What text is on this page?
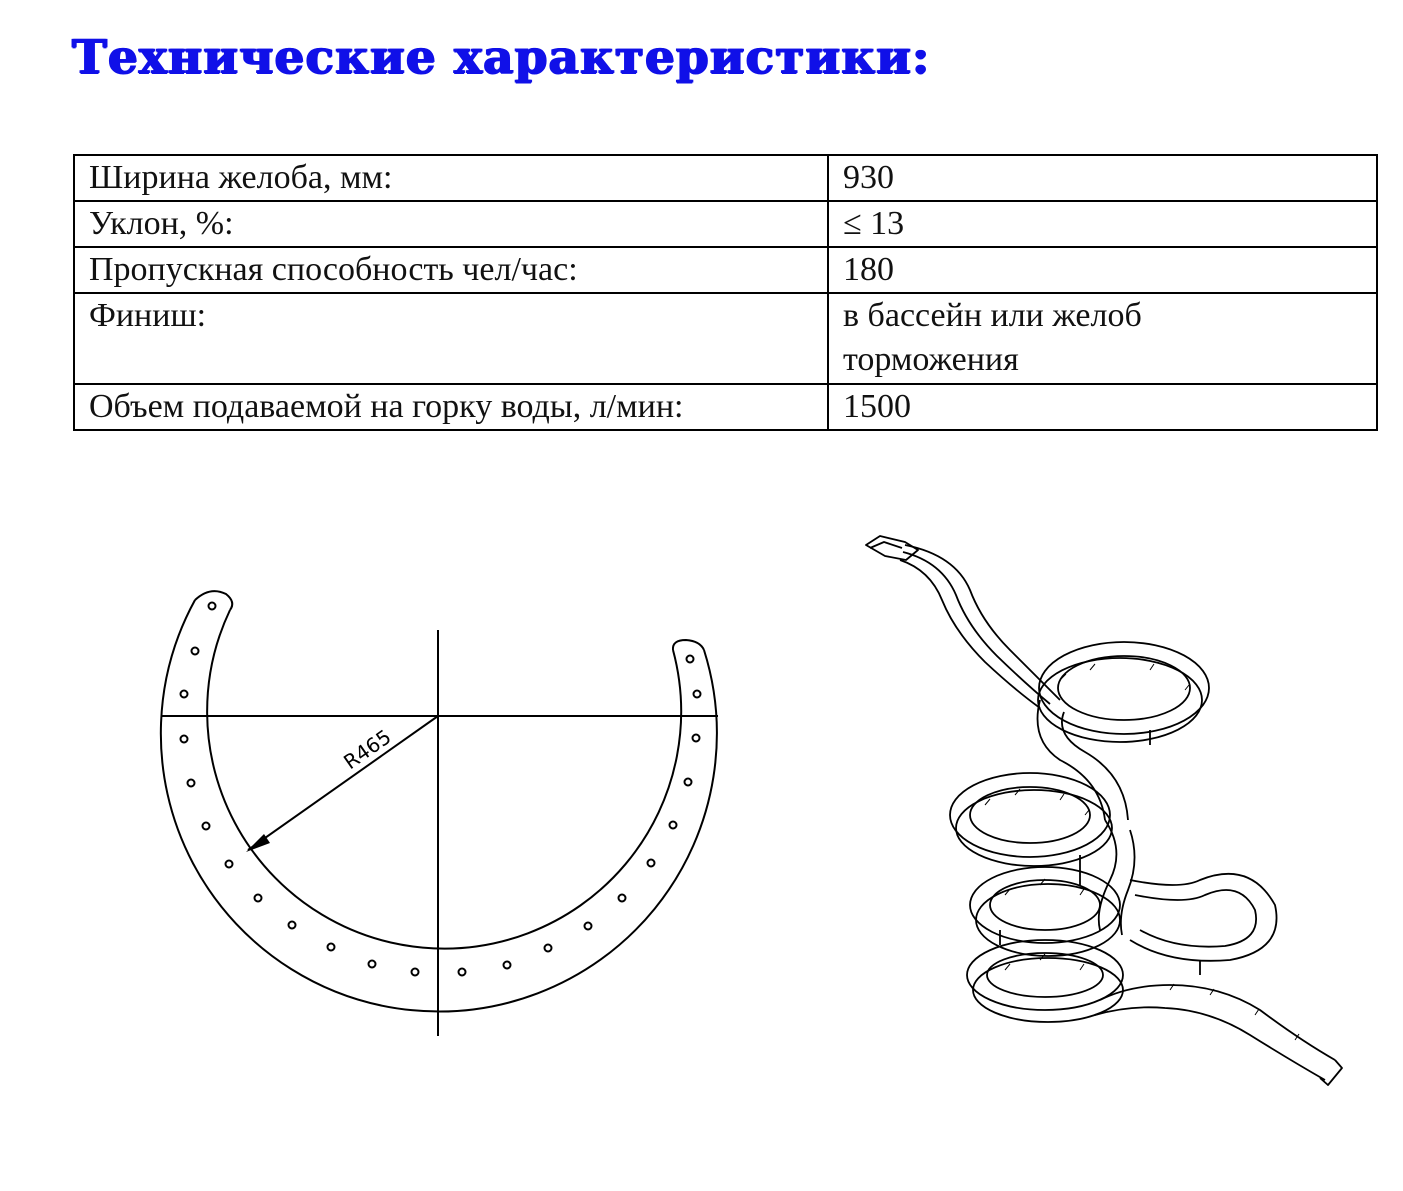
Технические характеристики:
Ширина желоба, мм:	930
Уклон, %:	≤ 13
Пропускная способность чел/час:	180
Финиш:	в бассейн или желоб торможения
Объем подаваемой на горку воды, л/мин:	1500
R465
